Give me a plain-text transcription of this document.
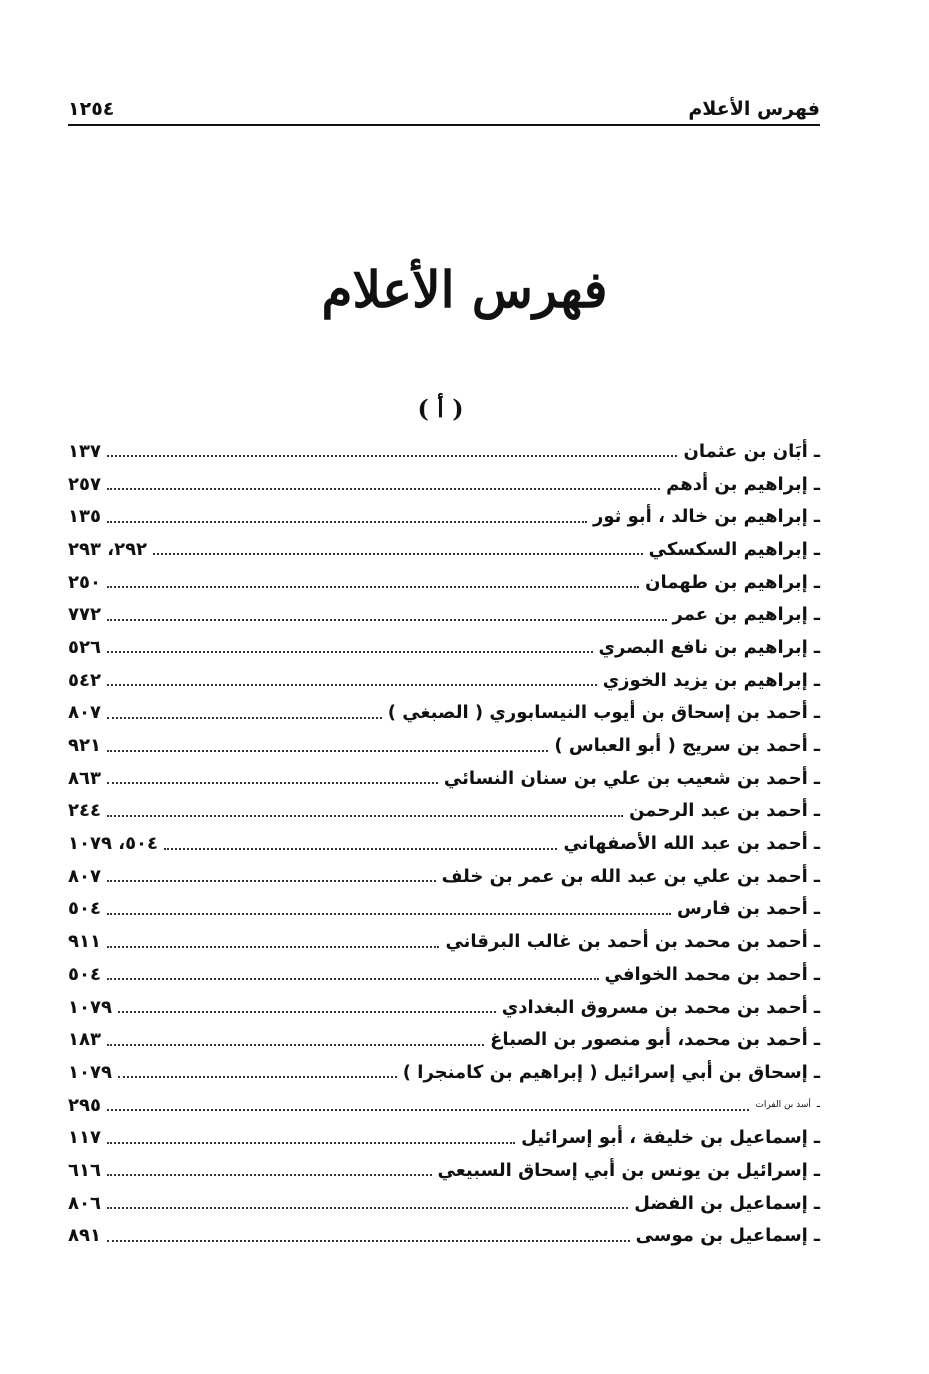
فهرس الأعلام
١٢٥٤
فهرس الأعلام
( أ )
ـ
أبَان بن عثمان
١٣٧
ـ
إبراهيم بن أدهم
٢٥٧
ـ
إبراهيم بن خالد ، أبو ثور
١٣٥
ـ
إبراهيم السكسكي
٢٩٢، ٢٩٣
ـ
إبراهيم بن طهمان
٢٥٠
ـ
إبراهيم بن عمر
٧٧٢
ـ
إبراهيم بن نافع البصري
٥٢٦
ـ
إبراهيم بن يزيد الخوزي
٥٤٢
ـ
أحمد بن إسحاق بن أيوب النيسابوري ( الصبغي )
٨٠٧
ـ
أحمد بن سريج ( أبو العباس )
٩٢١
ـ
أحمد بن شعيب بن علي بن سنان النسائي
٨٦٣
ـ
أحمد بن عبد الرحمن
٢٤٤
ـ
أحمد بن عبد الله الأصفهاني
٥٠٤، ١٠٧٩
ـ
أحمد بن علي بن عبد الله بن عمر بن خلف
٨٠٧
ـ
أحمد بن فارس
٥٠٤
ـ
أحمد بن محمد بن أحمد بن غالب البرقاني
٩١١
ـ
أحمد بن محمد الخوافي
٥٠٤
ـ
أحمد بن محمد بن مسروق البغدادي
١٠٧٩
ـ
أحمد بن محمد، أبو منصور بن الصباغ
١٨٣
ـ
إسحاق بن أبي إسرائيل ( إبراهيم بن كامنجرا )
١٠٧٩
ـ
أسد بن الفرات
٢٩٥
ـ
إسماعيل بن خليفة ، أبو إسرائيل
١١٧
ـ
إسرائيل بن يونس بن أبي إسحاق السبيعي
٦١٦
ـ
إسماعيل بن الفضل
٨٠٦
ـ
إسماعيل بن موسى
٨٩١
